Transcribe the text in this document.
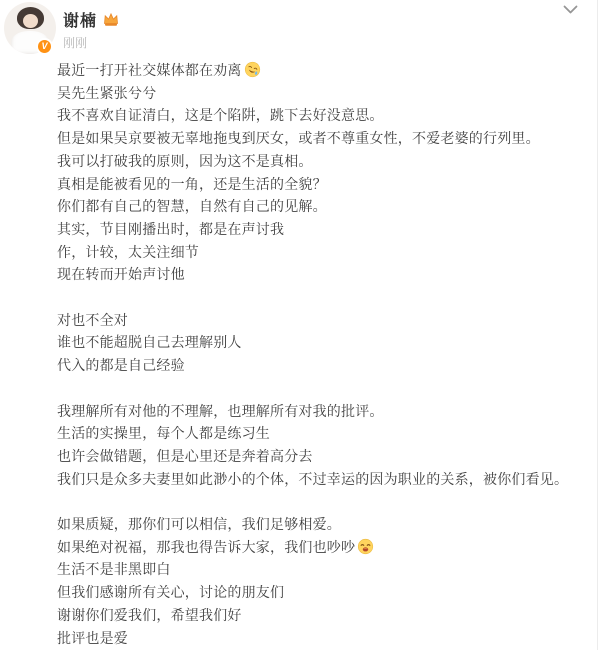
V
谢楠
刚刚
最近一打开社交媒体都在劝离
吴先生紧张兮兮
我不喜欢自证清白，这是个陷阱，跳下去好没意思。
但是如果吴京要被无辜地拖曳到厌女，或者不尊重女性，不爱老婆的行列里。
我可以打破我的原则，因为这不是真相。
真相是能被看见的一角，还是生活的全貌？
你们都有自己的智慧，自然有自己的见解。
其实，节目刚播出时，都是在声讨我
作，计较，太关注细节
现在转而开始声讨他
对也不全对
谁也不能超脱自己去理解别人
代入的都是自己经验
我理解所有对他的不理解，也理解所有对我的批评。
生活的实操里，每个人都是练习生
也许会做错题，但是心里还是奔着高分去
我们只是众多夫妻里如此渺小的个体，不过幸运的因为职业的关系，被你们看见。
如果质疑，那你们可以相信，我们足够相爱。
如果绝对祝福，那我也得告诉大家，我们也吵吵
生活不是非黑即白
但我们感谢所有关心，讨论的朋友们
谢谢你们爱我们，希望我们好
批评也是爱
